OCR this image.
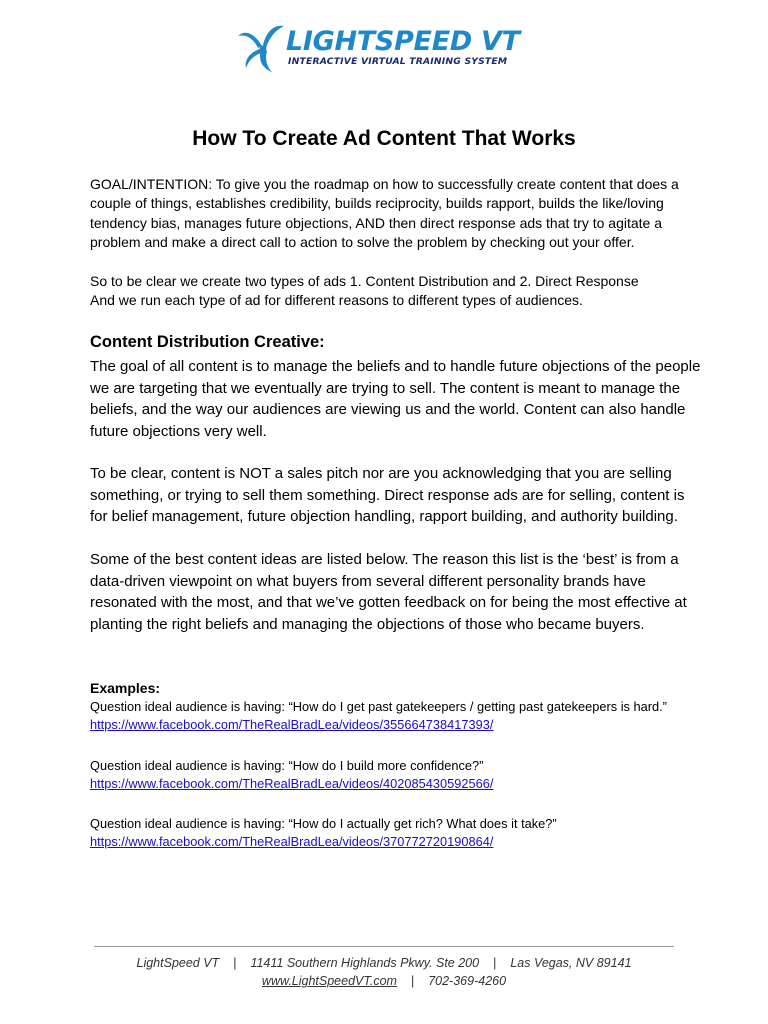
LIGHTSPEED VT
INTERACTIVE VIRTUAL TRAINING SYSTEM
How To Create Ad Content That Works

GOAL/INTENTION: To give you the roadmap on how to successfully create content that does a couple of things, establishes credibility, builds reciprocity, builds rapport, builds the like/loving tendency bias, manages future objections, AND then direct response ads that try to agitate a problem and make a direct call to action to solve the problem by checking out your offer.

So to be clear we create two types of ads 1. Content Distribution and 2. Direct Response
And we run each type of ad for different reasons to different types of audiences.

Content Distribution Creative:

The goal of all content is to manage the beliefs and to handle future objections of the people we are targeting that we eventually are trying to sell. The content is meant to manage the beliefs, and the way our audiences are viewing us and the world. Content can also handle future objections very well.

To be clear, content is NOT a sales pitch nor are you acknowledging that you are selling something, or trying to sell them something. Direct response ads are for selling, content is for belief management, future objection handling, rapport building, and authority building.

Some of the best content ideas are listed below. The reason this list is the ‘best’ is from a data-driven viewpoint on what buyers from several different personality brands have resonated with the most, and that we’ve gotten feedback on for being the most effective at planting the right beliefs and managing the objections of those who became buyers.

Examples:
Question ideal audience is having: “How do I get past gatekeepers / getting past gatekeepers is hard.”
https://www.facebook.com/TheRealBradLea/videos/355664738417393/
Question ideal audience is having: “How do I build more confidence?”
https://www.facebook.com/TheRealBradLea/videos/402085430592566/
Question ideal audience is having: “How do I actually get rich? What does it take?”
https://www.facebook.com/TheRealBradLea/videos/370772720190864/
LightSpeed VT | 11411 Southern Highlands Pkwy. Ste 200 | Las Vegas, NV 89141
www.LightSpeedVT.com | 702-369-4260
